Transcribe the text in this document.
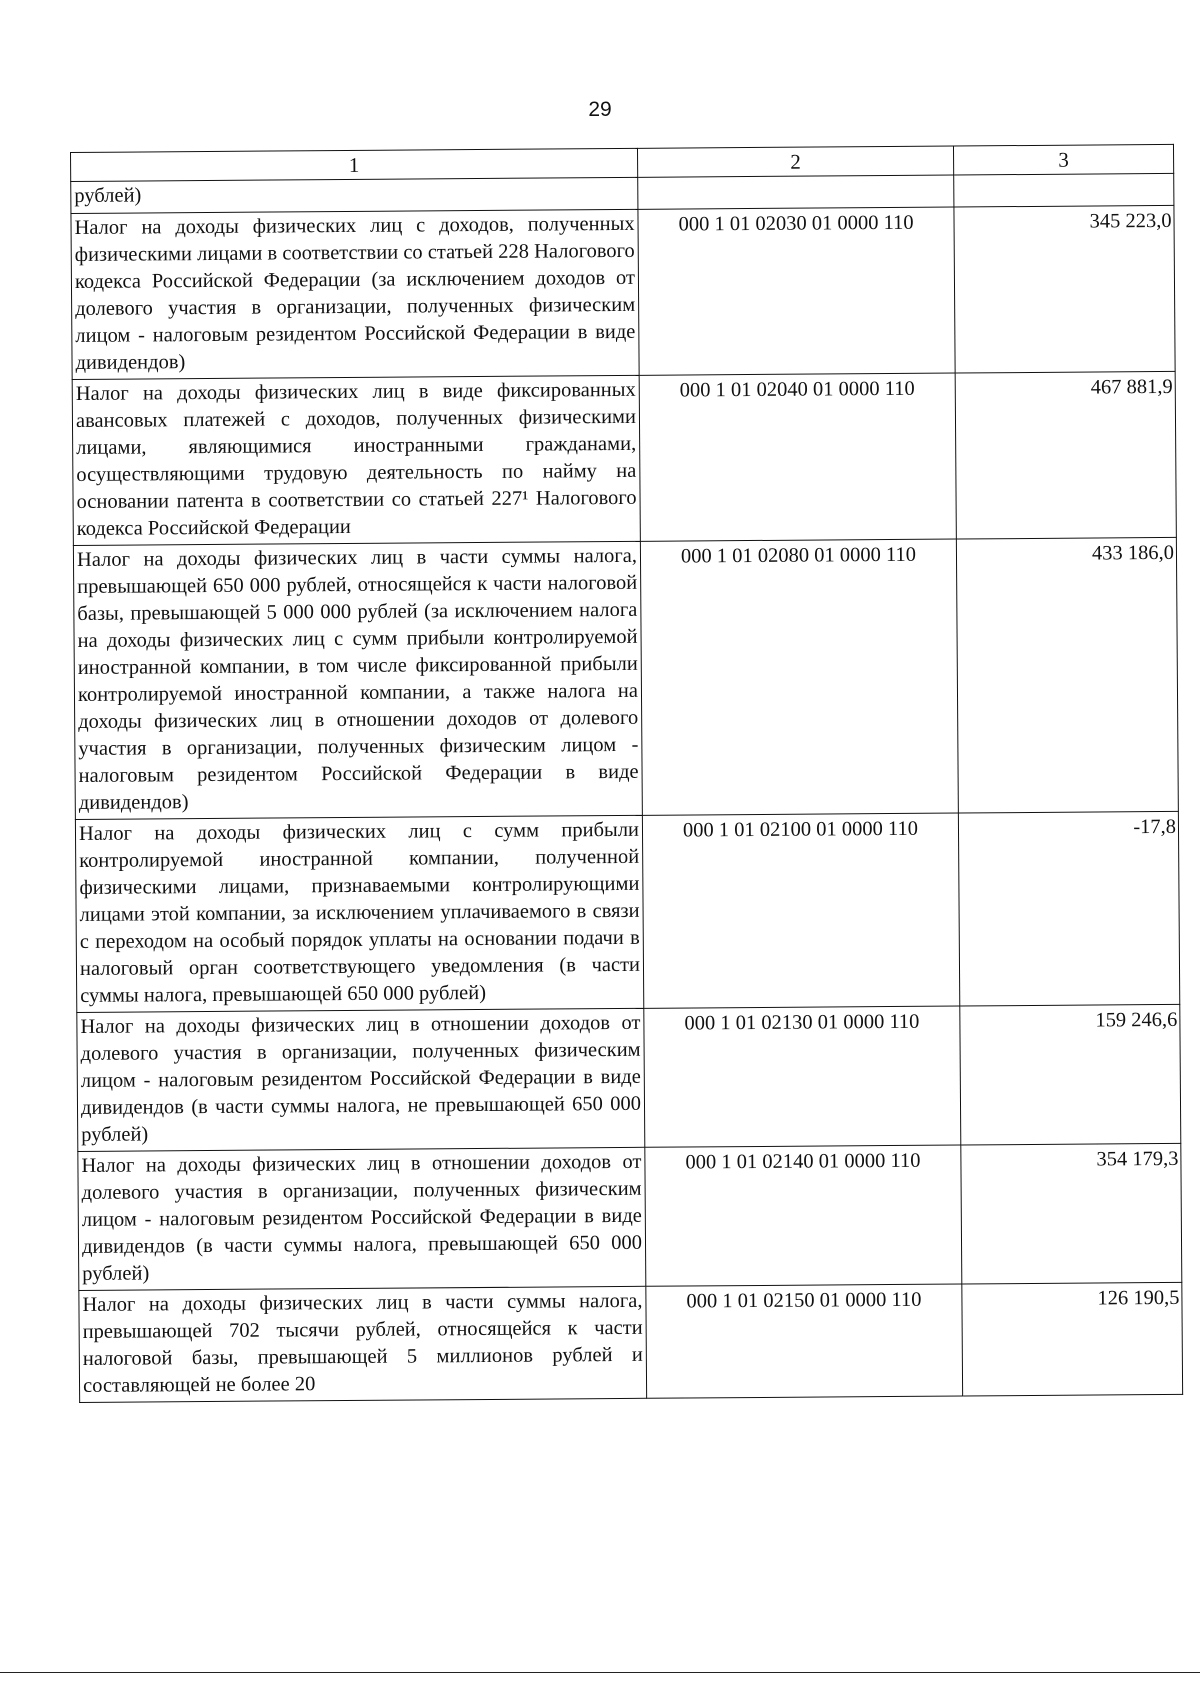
29
1	2	3
рублей)		
Налог на доходы физических лиц с доходов, полученных физическими лицами в соответствии со статьей 228 Налогового кодекса Российской Федерации (за исключением доходов от долевого участия в организации, полученных физическим лицом - налоговым резидентом Российской Федерации в виде дивидендов)	000 1 01 02030 01 0000 110	345 223,0
Налог на доходы физических лиц в виде фиксированных авансовых платежей с доходов, полученных физическими лицами, являющимися иностранными гражданами, осуществляющими трудовую деятельность по найму на основании патента в соответствии со статьей 227¹ Налогового кодекса Российской Федерации	000 1 01 02040 01 0000 110	467 881,9
Налог на доходы физических лиц в части суммы налога, превышающей 650 000 рублей, относящейся к части налоговой базы, превышающей 5 000 000 рублей (за исключением налога на доходы физических лиц с сумм прибыли контролируемой иностранной компании, в том числе фиксированной прибыли контролируемой иностранной компании, а также налога на доходы физических лиц в отношении доходов от долевого участия в организации, полученных физическим лицом - налоговым резидентом Российской Федерации в виде дивидендов)	000 1 01 02080 01 0000 110	433 186,0
Налог на доходы физических лиц с сумм прибыли контролируемой иностранной компании, полученной физическими лицами, признаваемыми контролирующими лицами этой компании, за исключением уплачиваемого в связи с переходом на особый порядок уплаты на основании подачи в налоговый орган соответствующего уведомления (в части суммы налога, превышающей 650 000 рублей)	000 1 01 02100 01 0000 110	-17,8
Налог на доходы физических лиц в отношении доходов от долевого участия в организации, полученных физическим лицом - налоговым резидентом Российской Федерации в виде дивидендов (в части суммы налога, не превышающей 650 000 рублей)	000 1 01 02130 01 0000 110	159 246,6
Налог на доходы физических лиц в отношении доходов от долевого участия в организации, полученных физическим лицом - налоговым резидентом Российской Федерации в виде дивидендов (в части суммы налога, превышающей 650 000 рублей)	000 1 01 02140 01 0000 110	354 179,3
Налог на доходы физических лиц в части суммы налога, превышающей 702 тысячи рублей, относящейся к части налоговой базы, превышающей 5 миллионов рублей и составляющей не более 20	000 1 01 02150 01 0000 110	126 190,5
